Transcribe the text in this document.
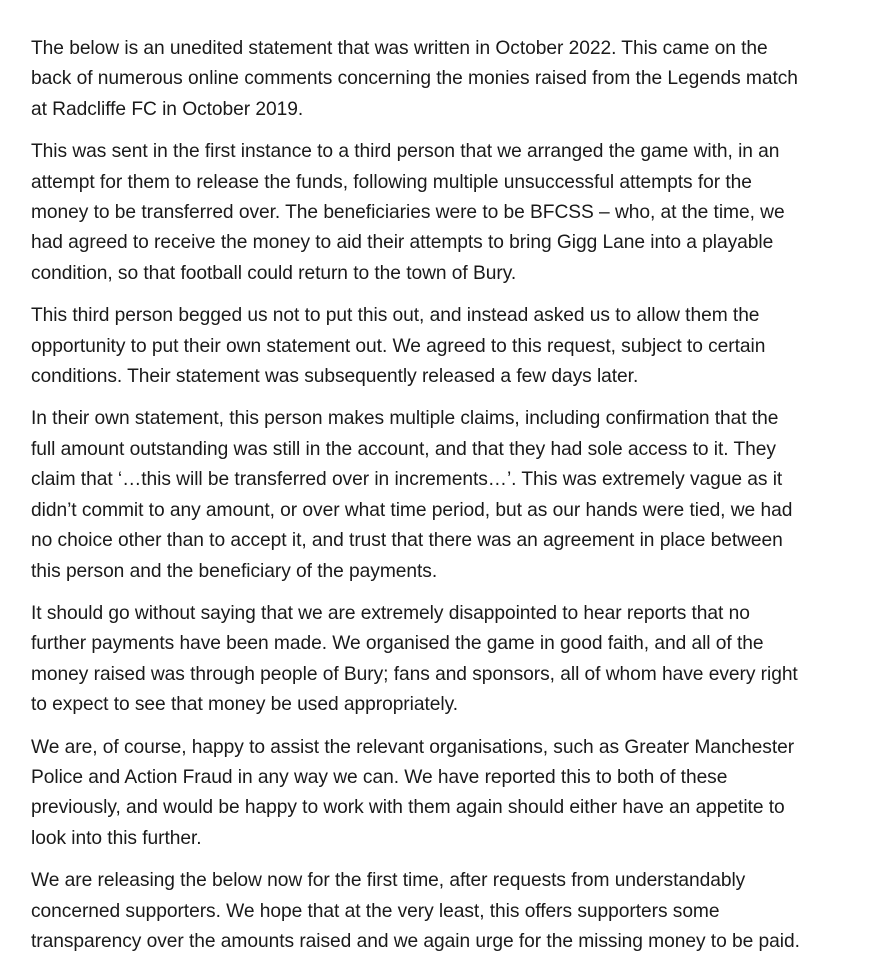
The below is an unedited statement that was written in October 2022. This came on the
back of numerous online comments concerning the monies raised from the Legends match
at Radcliffe FC in October 2019.

This was sent in the first instance to a third person that we arranged the game with, in an
attempt for them to release the funds, following multiple unsuccessful attempts for the
money to be transferred over. The beneficiaries were to be BFCSS – who, at the time, we
had agreed to receive the money to aid their attempts to bring Gigg Lane into a playable
condition, so that football could return to the town of Bury.

This third person begged us not to put this out, and instead asked us to allow them the
opportunity to put their own statement out. We agreed to this request, subject to certain
conditions. Their statement was subsequently released a few days later.

In their own statement, this person makes multiple claims, including confirmation that the
full amount outstanding was still in the account, and that they had sole access to it. They
claim that ‘…this will be transferred over in increments…’. This was extremely vague as it
didn’t commit to any amount, or over what time period, but as our hands were tied, we had
no choice other than to accept it, and trust that there was an agreement in place between
this person and the beneficiary of the payments.

It should go without saying that we are extremely disappointed to hear reports that no
further payments have been made. We organised the game in good faith, and all of the
money raised was through people of Bury; fans and sponsors, all of whom have every right
to expect to see that money be used appropriately.

We are, of course, happy to assist the relevant organisations, such as Greater Manchester
Police and Action Fraud in any way we can. We have reported this to both of these
previously, and would be happy to work with them again should either have an appetite to
look into this further.

We are releasing the below now for the first time, after requests from understandably
concerned supporters. We hope that at the very least, this offers supporters some
transparency over the amounts raised and we again urge for the missing money to be paid.
